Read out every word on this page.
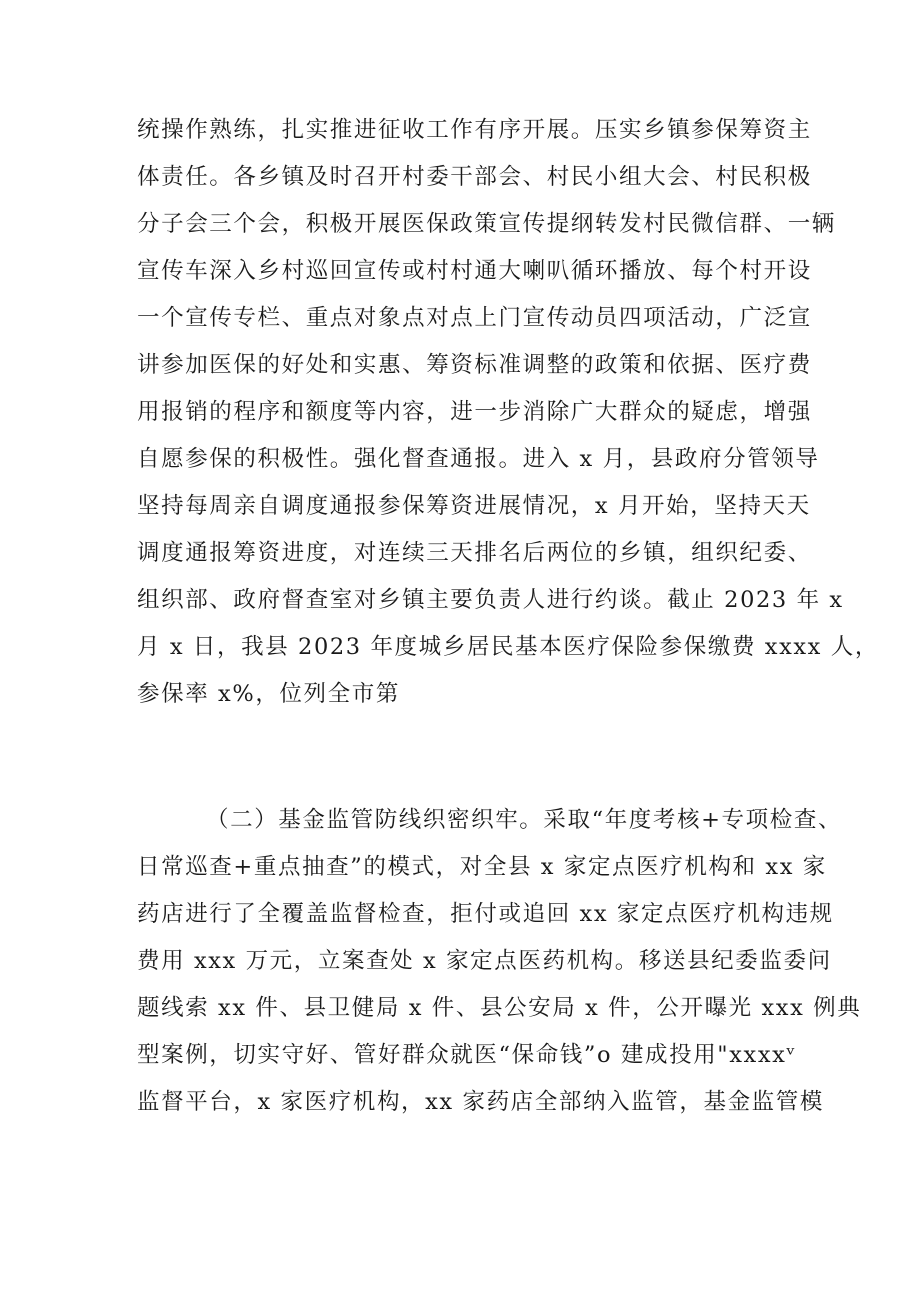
统操作熟练，扎实推进征收工作有序开展。压实乡镇参保筹资主
体责任。各乡镇及时召开村委干部会、村民小组大会、村民积极
分子会三个会，积极开展医保政策宣传提纲转发村民微信群、一辆
宣传车深入乡村巡回宣传或村村通大喇叭循环播放、每个村开设
一个宣传专栏、重点对象点对点上门宣传动员四项活动，广泛宣
讲参加医保的好处和实惠、筹资标准调整的政策和依据、医疗费
用报销的程序和额度等内容，进一步消除广大群众的疑虑，增强
自愿参保的积极性。强化督查通报。进入 x 月，县政府分管领导
坚持每周亲自调度通报参保筹资进展情况，x 月开始，坚持天天
调度通报筹资进度，对连续三天排名后两位的乡镇，组织纪委、
组织部、政府督查室对乡镇主要负责人进行约谈。截止 2023 年 x
月 x 日，我县 2023 年度城乡居民基本医疗保险参保缴费 xxxx 人，
参保率 x%，位列全市第
（二）基金监管防线织密织牢。采取“年度考核+专项检查、
日常巡查+重点抽查”的模式，对全县 x 家定点医疗机构和 xx 家
药店进行了全覆盖监督检查，拒付或追回 xx 家定点医疗机构违规
费用 xxx 万元，立案查处 x 家定点医药机构。移送县纪委监委问
题线索 xx 件、县卫健局 x 件、县公安局 x 件，公开曝光 xxx 例典
型案例，切实守好、管好群众就医“保命钱”o 建成投用"xxxxᵛ
监督平台，x 家医疗机构，xx 家药店全部纳入监管，基金监管模
